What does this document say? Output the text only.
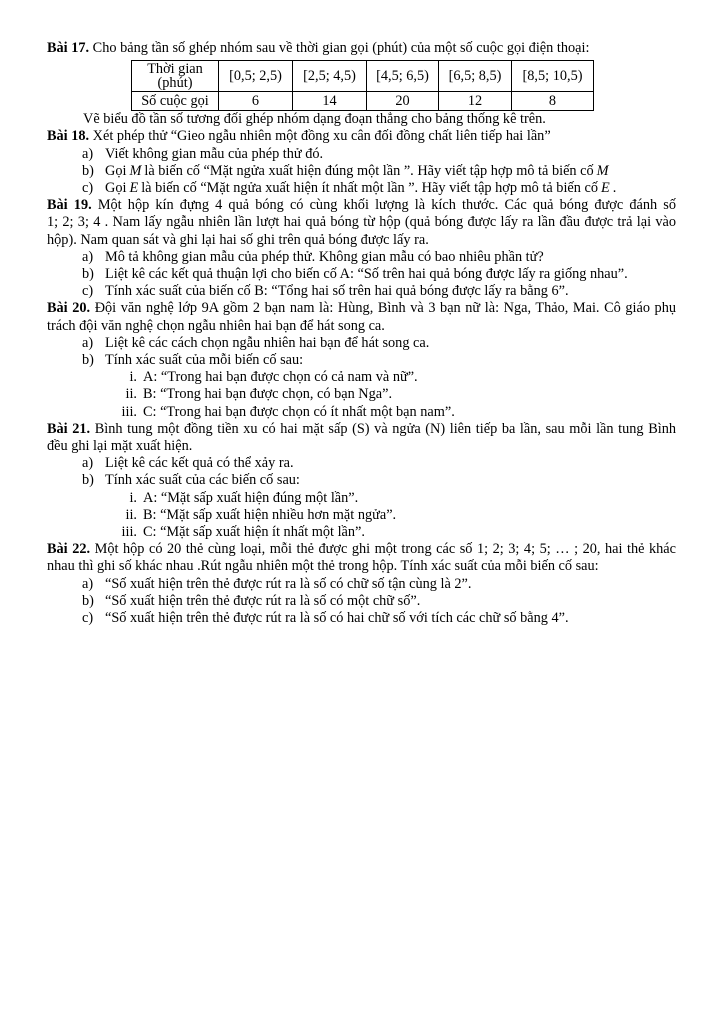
Bài 17. Cho bảng tần số ghép nhóm sau về thời gian gọi (phút) của một số cuộc gọi điện thoại:
Thời gian (phút)	[0,5; 2,5)	[2,5; 4,5)	[4,5; 6,5)	[6,5; 8,5)	[8,5; 10,5)
Số cuộc gọi	6	14	20	12	8
Vẽ biểu đồ tần số tương đối ghép nhóm dạng đoạn thẳng cho bảng thống kê trên.
Bài 18. Xét phép thử “Gieo ngẫu nhiên một đồng xu cân đối đồng chất liên tiếp hai lần”
a) Viết không gian mẫu của phép thử đó.
b) Gọi M là biến cố “Mặt ngửa xuất hiện đúng một lần ”. Hãy viết tập hợp mô tả biến cố M
c) Gọi E là biến cố “Mặt ngửa xuất hiện ít nhất một lần ”. Hãy viết tập hợp mô tả biến cố E .
Bài 19. Một hộp kín đựng 4 quả bóng có cùng khối lượng là kích thước. Các quả bóng được đánh số
1; 2; 3; 4 . Nam lấy ngẫu nhiên lần lượt hai quả bóng từ hộp (quả bóng được lấy ra lần đầu được trả lại vào
hộp). Nam quan sát và ghi lại hai số ghi trên quả bóng được lấy ra.
a) Mô tả không gian mẫu của phép thử. Không gian mẫu có bao nhiêu phần tử?
b) Liệt kê các kết quả thuận lợi cho biến cố A: “Số trên hai quả bóng được lấy ra giống nhau”.
c) Tính xác suất của biến cố B: “Tổng hai số trên hai quả bóng được lấy ra bằng 6”.
Bài 20. Đội văn nghệ lớp 9A gồm 2 bạn nam là: Hùng, Bình và 3 bạn nữ là: Nga, Thảo, Mai. Cô giáo phụ
trách đội văn nghệ chọn ngẫu nhiên hai bạn để hát song ca.
a) Liệt kê các cách chọn ngẫu nhiên hai bạn để hát song ca.
b) Tính xác suất của mỗi biến cố sau:
i. A: “Trong hai bạn được chọn có cả nam và nữ”.
ii. B: “Trong hai bạn được chọn, có bạn Nga”.
iii. C: “Trong hai bạn được chọn có ít nhất một bạn nam”.
Bài 21. Bình tung một đồng tiền xu có hai mặt sấp (S) và ngửa (N) liên tiếp ba lần, sau mỗi lần tung Bình
đều ghi lại mặt xuất hiện.
a) Liệt kê các kết quả có thể xảy ra.
b) Tính xác suất của các biến cố sau:
i. A: “Mặt sấp xuất hiện đúng một lần”.
ii. B: “Mặt sấp xuất hiện nhiều hơn mặt ngửa”.
iii. C: “Mặt sấp xuất hiện ít nhất một lần”.
Bài 22. Một hộp có 20 thẻ cùng loại, mỗi thẻ được ghi một trong các số 1; 2; 3; 4; 5; … ; 20, hai thẻ khác
nhau thì ghi số khác nhau .Rút ngẫu nhiên một thẻ trong hộp. Tính xác suất của mỗi biến cố sau:
a) “Số xuất hiện trên thẻ được rút ra là số có chữ số tận cùng là 2”.
b) “Số xuất hiện trên thẻ được rút ra là số có một chữ số”.
c) “Số xuất hiện trên thẻ được rút ra là số có hai chữ số với tích các chữ số bằng 4”.
